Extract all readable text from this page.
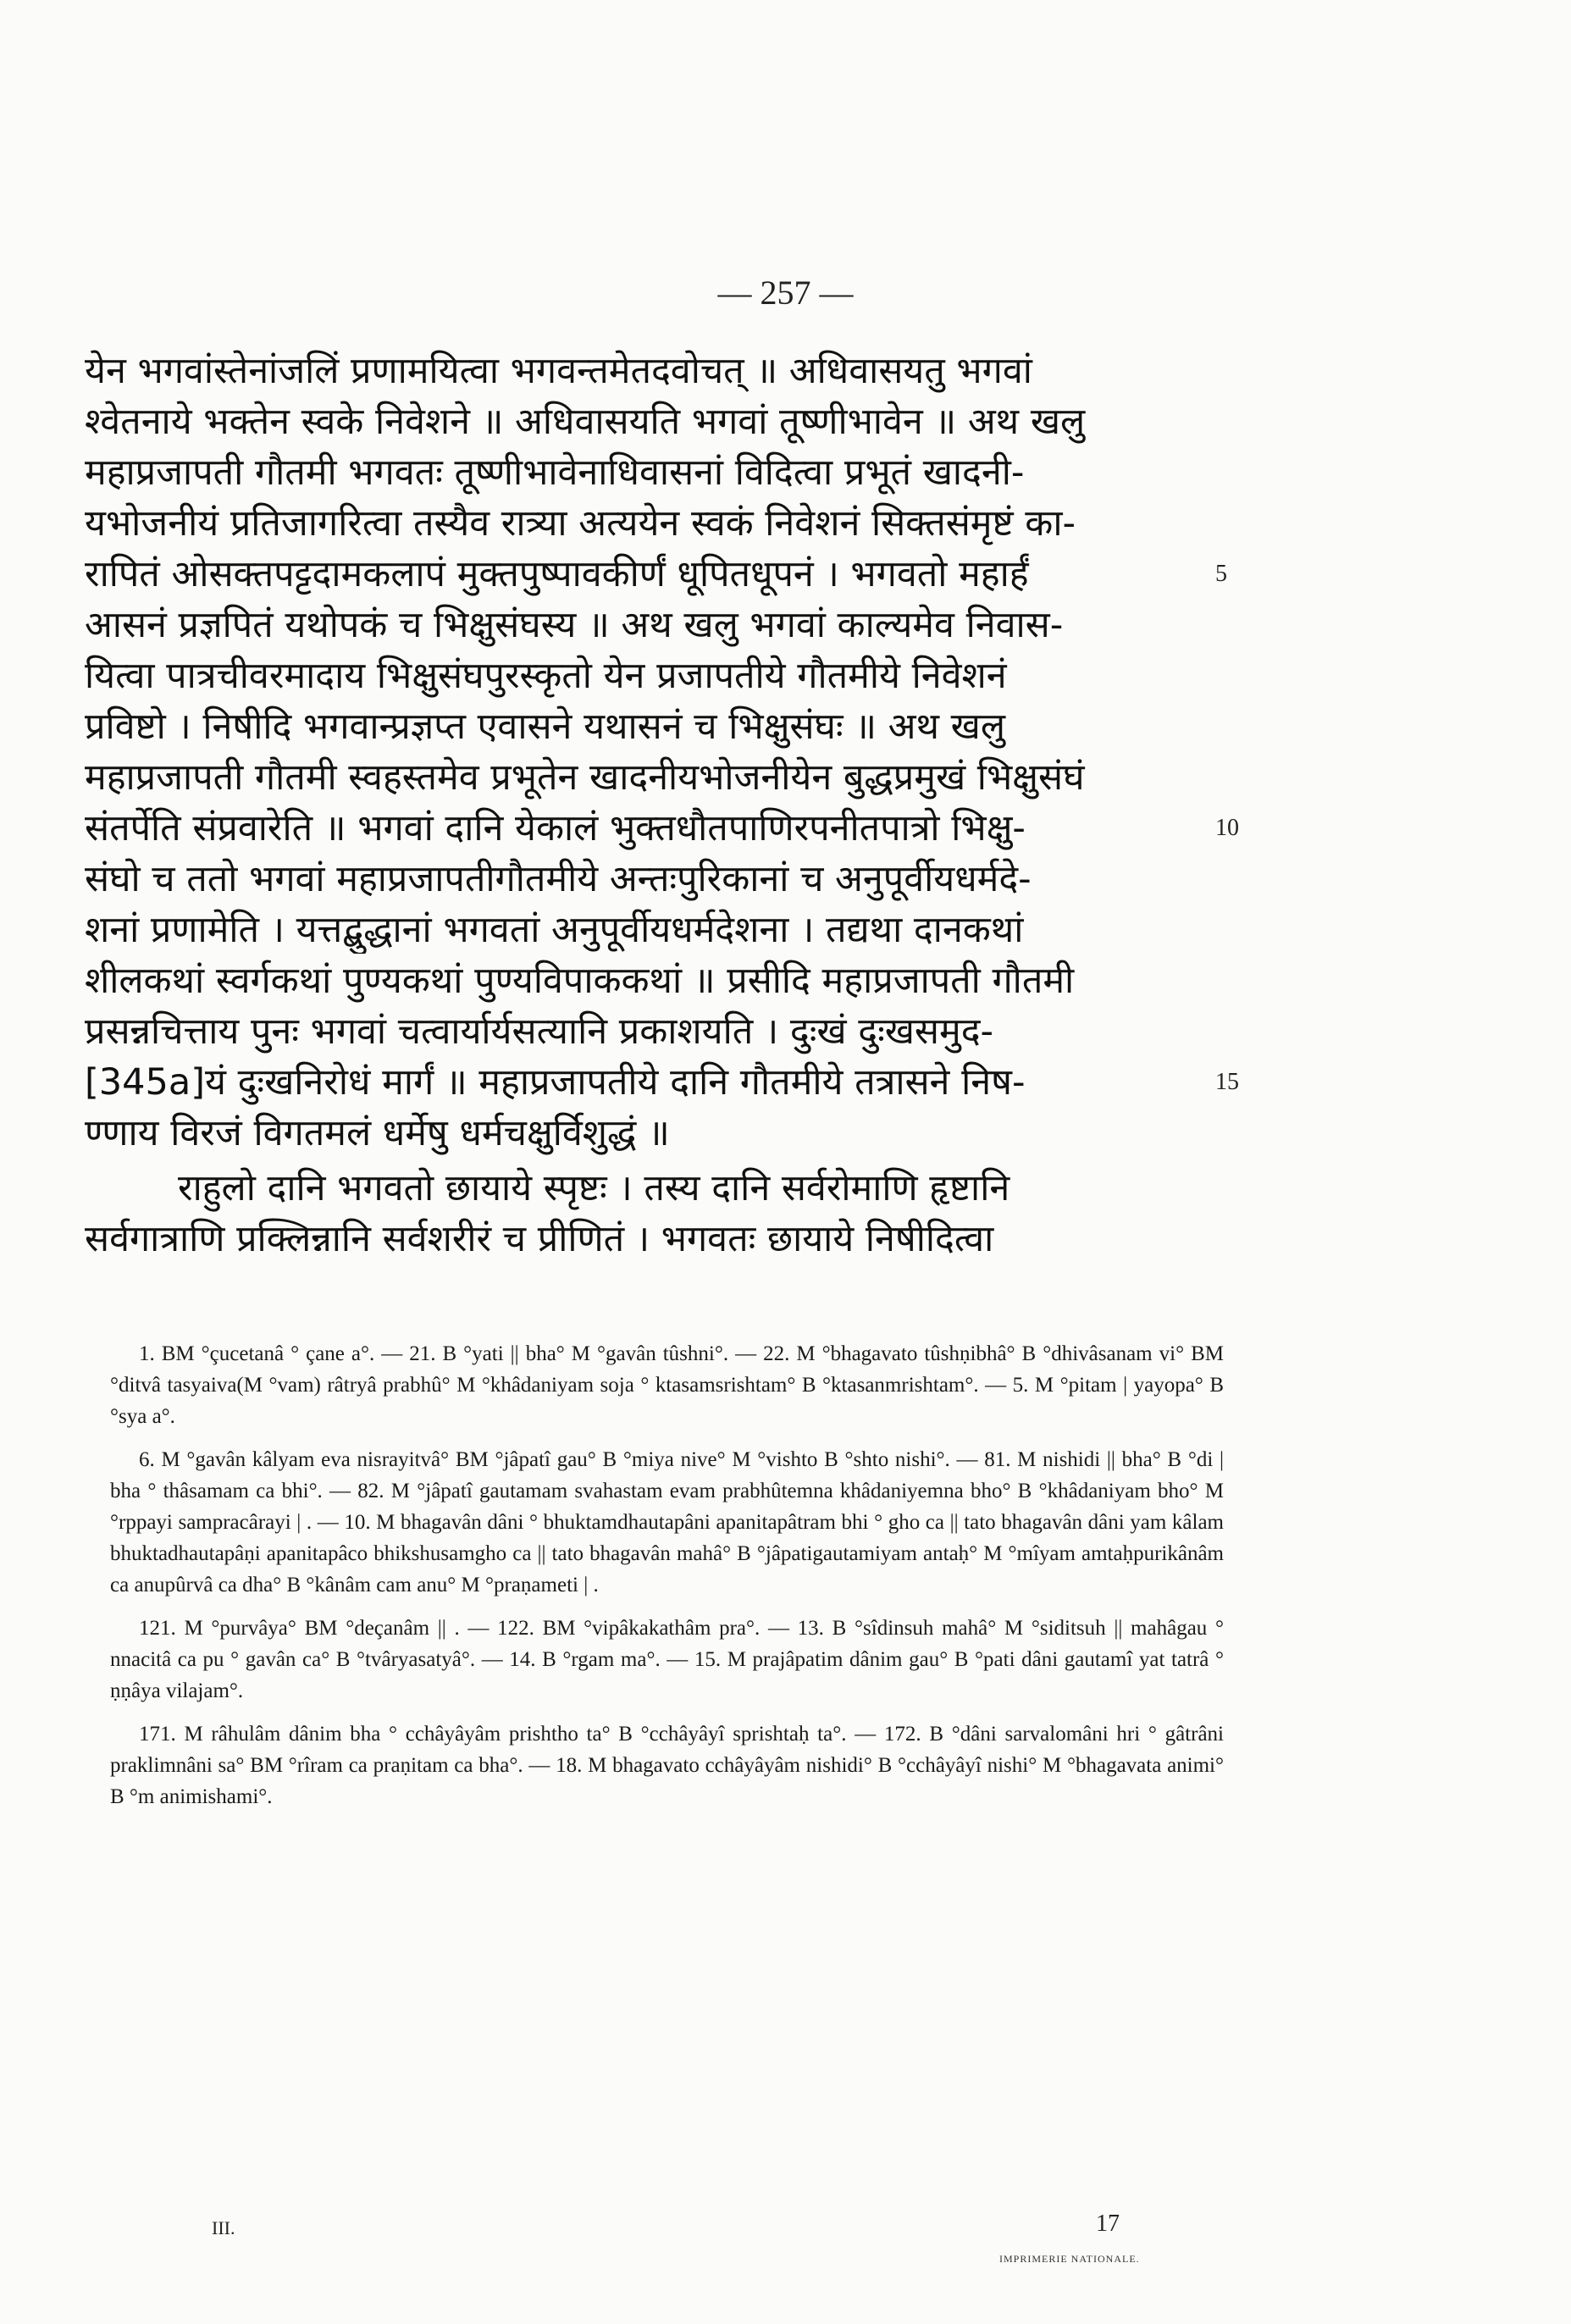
— 257 —
येन भगवांस्तेनांजलिं प्रणामयित्वा भगवन्तमेतदवोचत् ॥ अधिवासयतु भगवां
श्वेतनाये भक्तेन स्वके निवेशने ॥ अधिवासयति भगवां तूष्णीभावेन ॥ अथ खलु
महाप्रजापती गौतमी भगवतः तूष्णीभावेनाधिवासनां विदित्वा प्रभूतं खादनी-
यभोजनीयं प्रतिजागरित्वा तस्यैव रात्र्या अत्ययेन स्वकं निवेशनं सिक्तसंमृष्टं का-
रापितं ओसक्तपट्टदामकलापं मुक्तपुष्पावकीर्णं धूपितधूपनं । भगवतो महार्हं
आसनं प्रज्ञपितं यथोपकं च भिक्षुसंघस्य ॥ अथ खलु भगवां काल्यमेव निवास-
यित्वा पात्रचीवरमादाय भिक्षुसंघपुरस्कृतो येन प्रजापतीये गौतमीये निवेशनं
प्रविष्टो । निषीदि भगवान्प्रज्ञप्त एवासने यथासनं च भिक्षुसंघः ॥ अथ खलु
महाप्रजापती गौतमी स्वहस्तमेव प्रभूतेन खादनीयभोजनीयेन बुद्धप्रमुखं भिक्षुसंघं
संतर्पेति संप्रवारेति ॥ भगवां दानि येकालं भुक्तधौतपाणिरपनीतपात्रो भिक्षु-
संघो च ततो भगवां महाप्रजापतीगौतमीये अन्तःपुरिकानां च अनुपूर्वीयधर्मदे-
शनां प्रणामेति । यत्तद्बुद्धानां भगवतां अनुपूर्वीयधर्मदेशना । तद्यथा दानकथां
शीलकथां स्वर्गकथां पुण्यकथां पुण्यविपाककथां ॥ प्रसीदि महाप्रजापती गौतमी
प्रसन्नचित्ताय पुनः भगवां चत्वार्यार्यसत्यानि प्रकाशयति । दुःखं दुःखसमुद-
[345a]यं दुःखनिरोधं मार्गं ॥ महाप्रजापतीये दानि गौतमीये तत्रासने निष-
ण्णाय विरजं विगतमलं धर्मेषु धर्मचक्षुर्विशुद्धं ॥
राहुलो दानि भगवतो छायाये स्पृष्टः । तस्य दानि सर्वरोमाणि हृष्टानि
सर्वगात्राणि प्रक्लिन्नानि सर्वशरीरं च प्रीणितं । भगवतः छायाये निषीदित्वा
5
10
15

1. BM °çucetanâ ° çane a°. — 21. B °yati || bha° M °gavân tûshni°. — 22. M °bhagavato tûshṇibhâ° B °dhivâsanam vi° BM °ditvâ tasyaiva(M °vam) râtryâ prabhû° M °khâdaniyam soja ° ktasamsrishtam° B °ktasanmrishtam°. — 5. M °pitam | yayopa° B °sya a°.

6. M °gavân kâlyam eva nisrayitvâ° BM °jâpatî gau° B °miya nive° M °vishto B °shto nishi°. — 81. M nishidi || bha° B °di | bha ° thâsamam ca bhi°. — 82. M °jâpatî gautamam svahastam evam prabhûtemna khâdaniyemna bho° B °khâdaniyam bho° M °rppayi sampracârayi | . — 10. M bhagavân dâni ° bhuktamdhautapâni apanitapâtram bhi ° gho ca || tato bhagavân dâni yam kâlam bhuktadhautapâṇi apanitapâco bhikshusamgho ca || tato bhagavân mahâ° B °jâpatigautamiyam antaḥ° M °mîyam amtaḥpurikânâm ca anupûrvâ ca dha° B °kânâm cam anu° M °praṇameti | .

121. M °purvâya° BM °deçanâm || . — 122. BM °vipâkakathâm pra°. — 13. B °sîdinsuh mahâ° M °siditsuh || mahâgau ° nnacitâ ca pu ° gavân ca° B °tvâryasatyâ°. — 14. B °rgam ma°. — 15. M prajâpatim dânim gau° B °pati dâni gautamî yat tatrâ ° ṇṇâya vilajam°.

171. M râhulâm dânim bha ° cchâyâyâm prishtho ta° B °cchâyâyî sprishtaḥ ta°. — 172. B °dâni sarvalomâni hri ° gâtrâni praklimnâni sa° BM °rîram ca praṇitam ca bha°. — 18. M bhagavato cchâyâyâm nishidi° B °cchâyâyî nishi° M °bhagavata animi° B °m animishami°.

III.	17
IMPRIMERIE NATIONALE.
